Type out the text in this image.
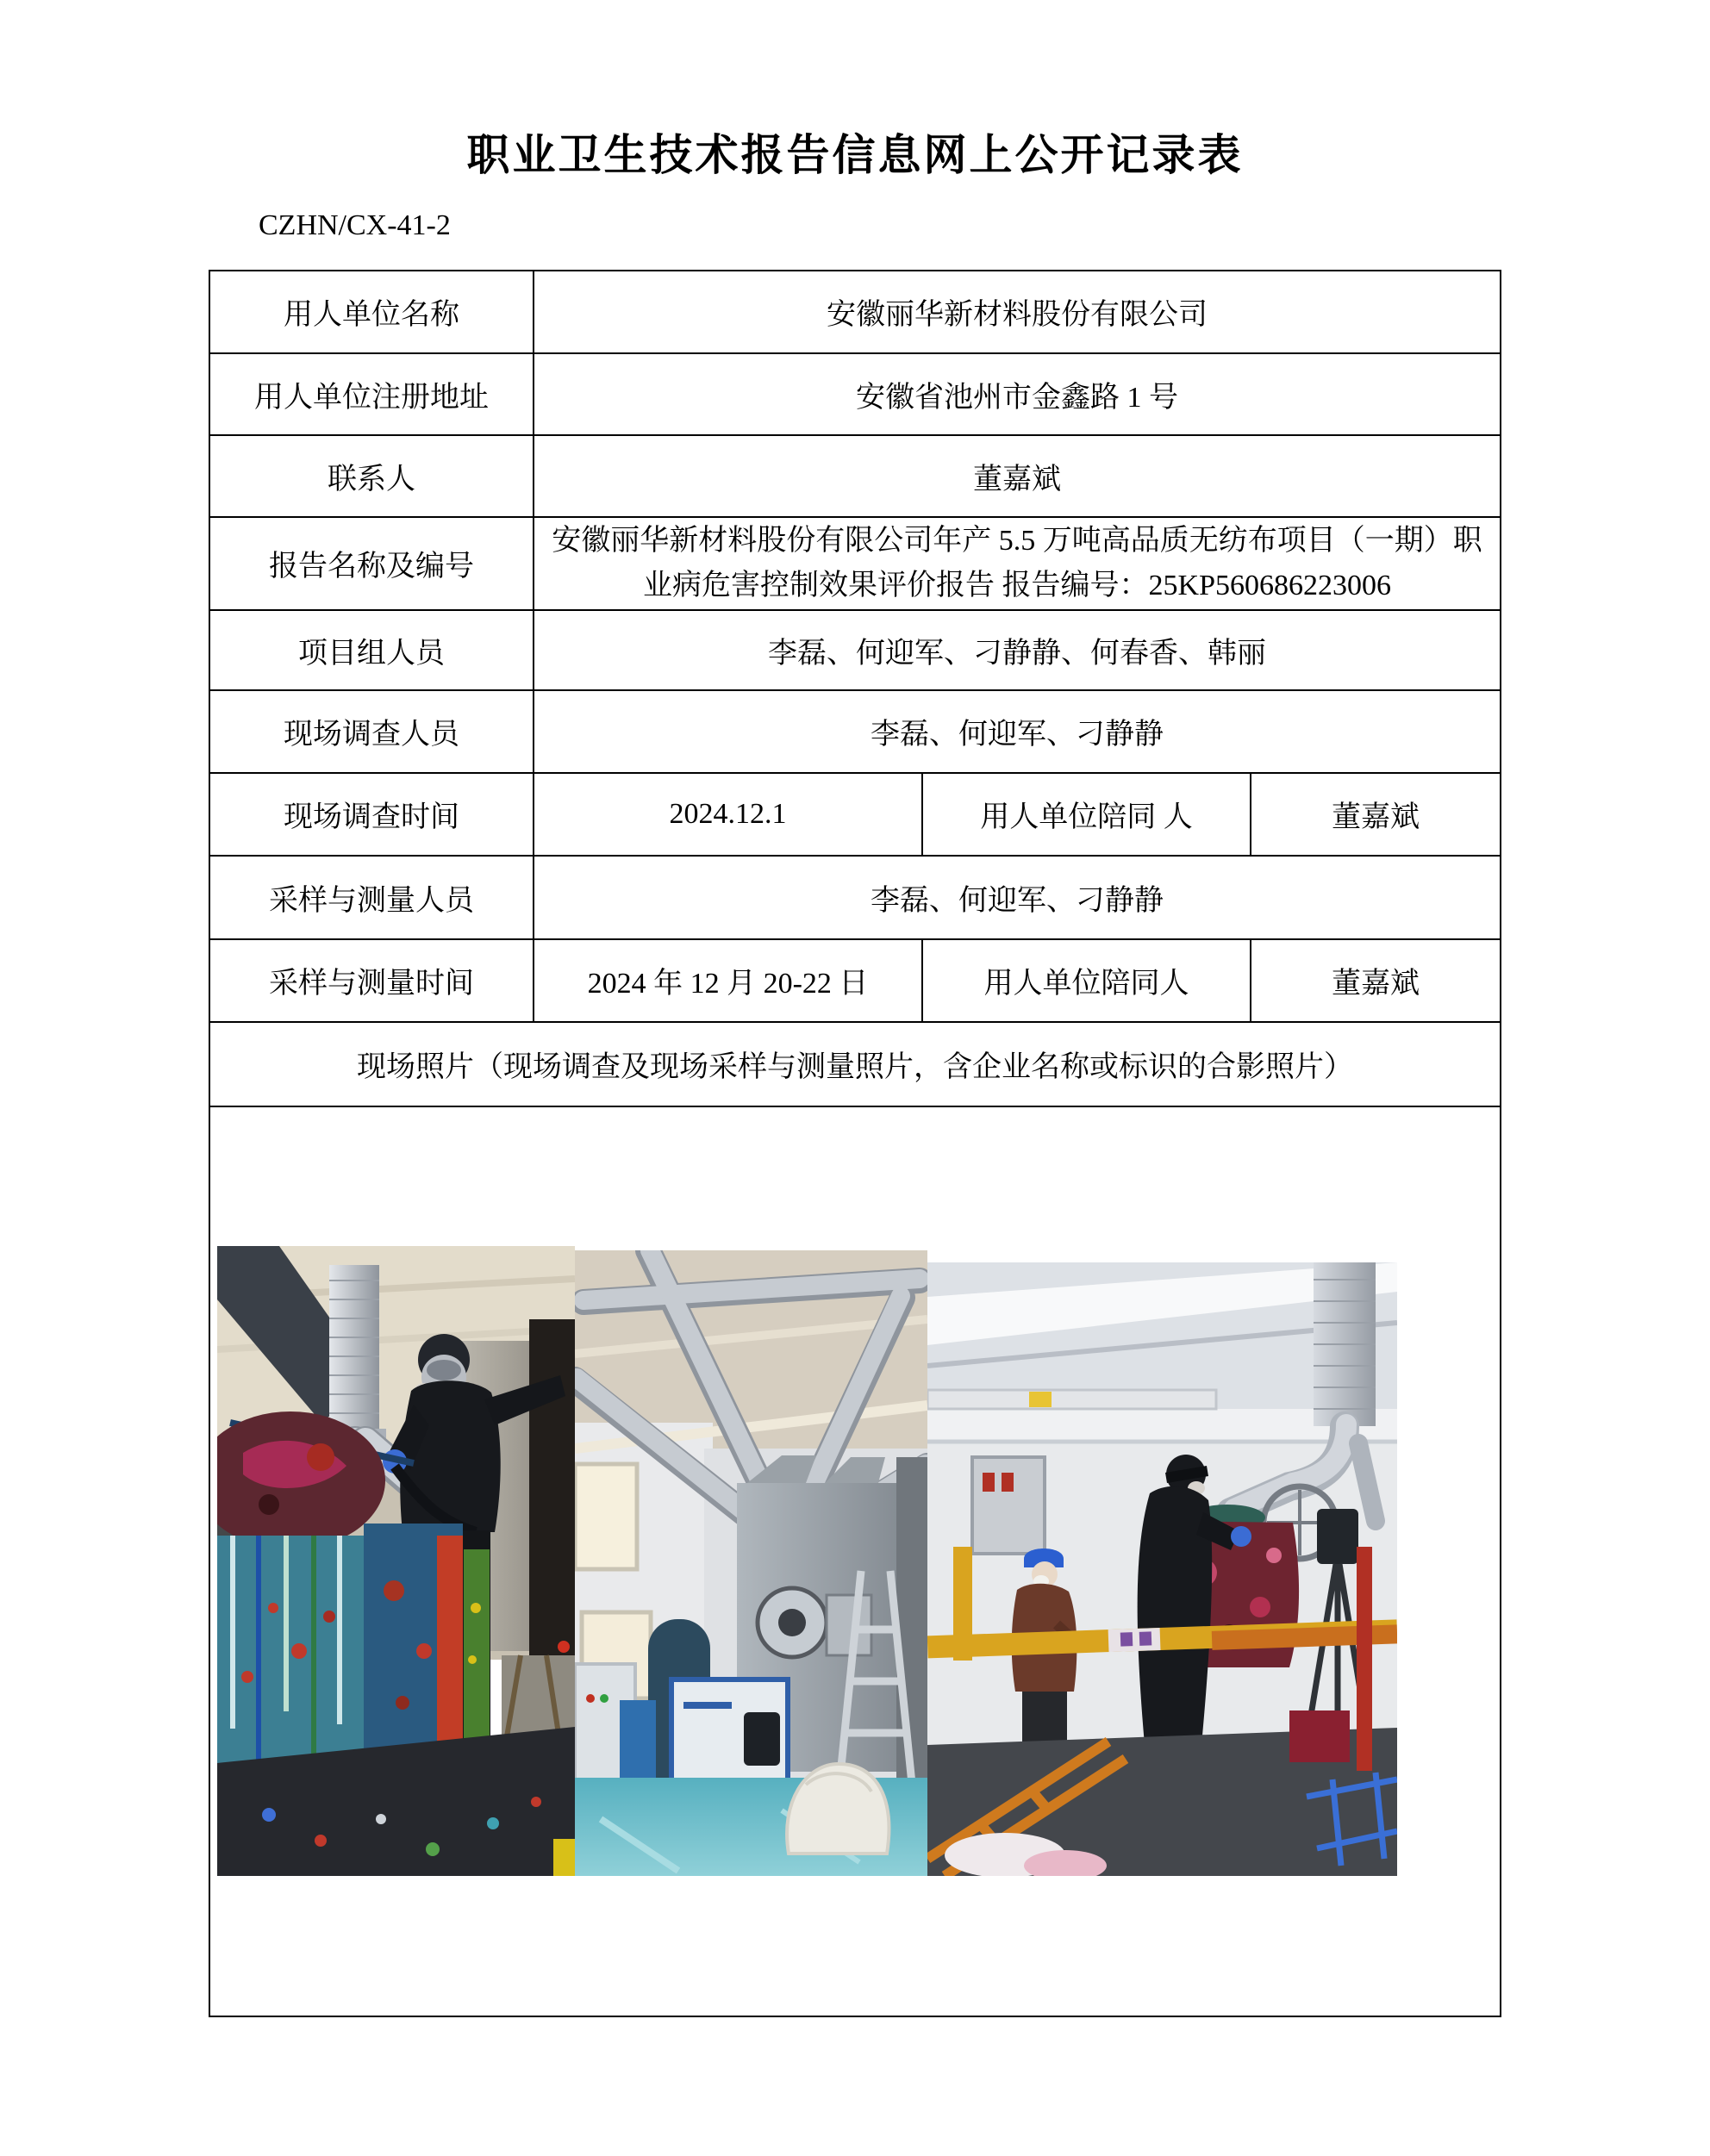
职业卫生技术报告信息网上公开记录表
CZHN/CX-41-2
用人单位名称	安徽丽华新材料股份有限公司		
用人单位注册地址	安徽省池州市金鑫路 1 号		
联系人	董嘉斌		
报告名称及编号	安徽丽华新材料股份有限公司年产 5.5 万吨高品质无纺布项目（一期）职业病危害控制效果评价报告 报告编号：25KP560686223006		
项目组人员	李磊、何迎军、刁静静、何春香、韩丽		
现场调查人员	李磊、何迎军、刁静静		
现场调查时间	2024.12.1	用人单位陪同 人	董嘉斌
采样与测量人员	李磊、何迎军、刁静静		
采样与测量时间	2024 年 12 月 20-22 日	用人单位陪同人	董嘉斌
现场照片（现场调查及现场采样与测量照片，含企业名称或标识的合影照片）			
